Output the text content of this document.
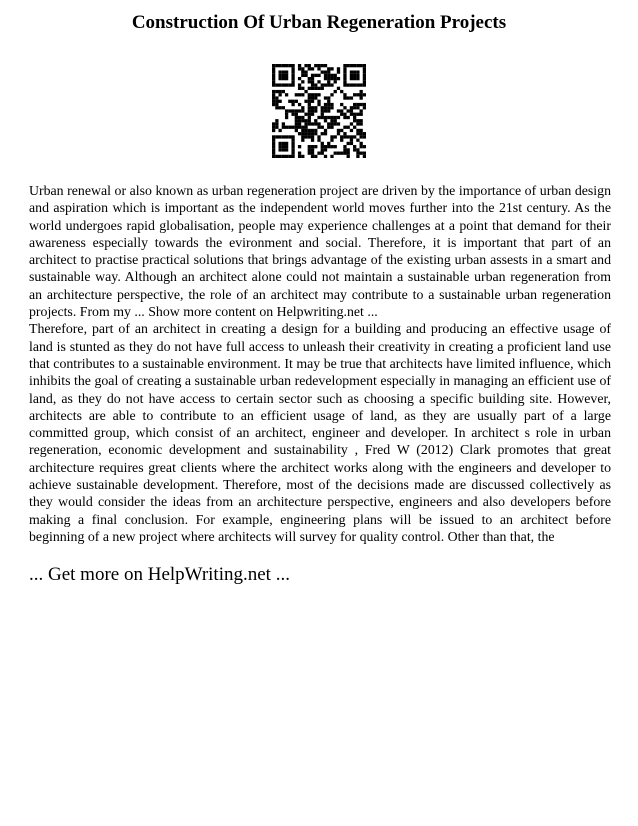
Construction Of Urban Regeneration Projects

Urban renewal or also known as urban regeneration project are driven by the importance of urban design and aspiration which is important as the independent world moves further into the 21st century. As the world undergoes rapid globalisation, people may experience challenges at a point that demand for their awareness especially towards the evironment and social. Therefore, it is important that part of an architect to practise practical solutions that brings advantage of the existing urban assests in a smart and sustainable way. Although an architect alone could not maintain a sustainable urban regeneration from an architecture perspective, the role of an architect may contribute to a sustainable urban regeneration projects. From my ... Show more content on Helpwriting.net ...

Therefore, part of an architect in creating a design for a building and producing an effective usage of land is stunted as they do not have full access to unleash their creativity in creating a proficient land use that contributes to a sustainable environment. It may be true that architects have limited influence, which inhibits the goal of creating a sustainable urban redevelopment especially in managing an efficient use of land, as they do not have access to certain sector such as choosing a specific building site. However, architects are able to contribute to an efficient usage of land, as they are usually part of a large committed group, which consist of an architect, engineer and developer. In architect s role in urban regeneration, economic development and sustainability , Fred W (2012) Clark promotes that great architecture requires great clients where the architect works along with the engineers and developer to achieve sustainable development. Therefore, most of the decisions made are discussed collectively as they would consider the ideas from an architecture perspective, engineers and also developers before making a final conclusion. For example, engineering plans will be issued to an architect before beginning of a new project where architects will survey for quality control. Other than that, the

... Get more on HelpWriting.net ...
